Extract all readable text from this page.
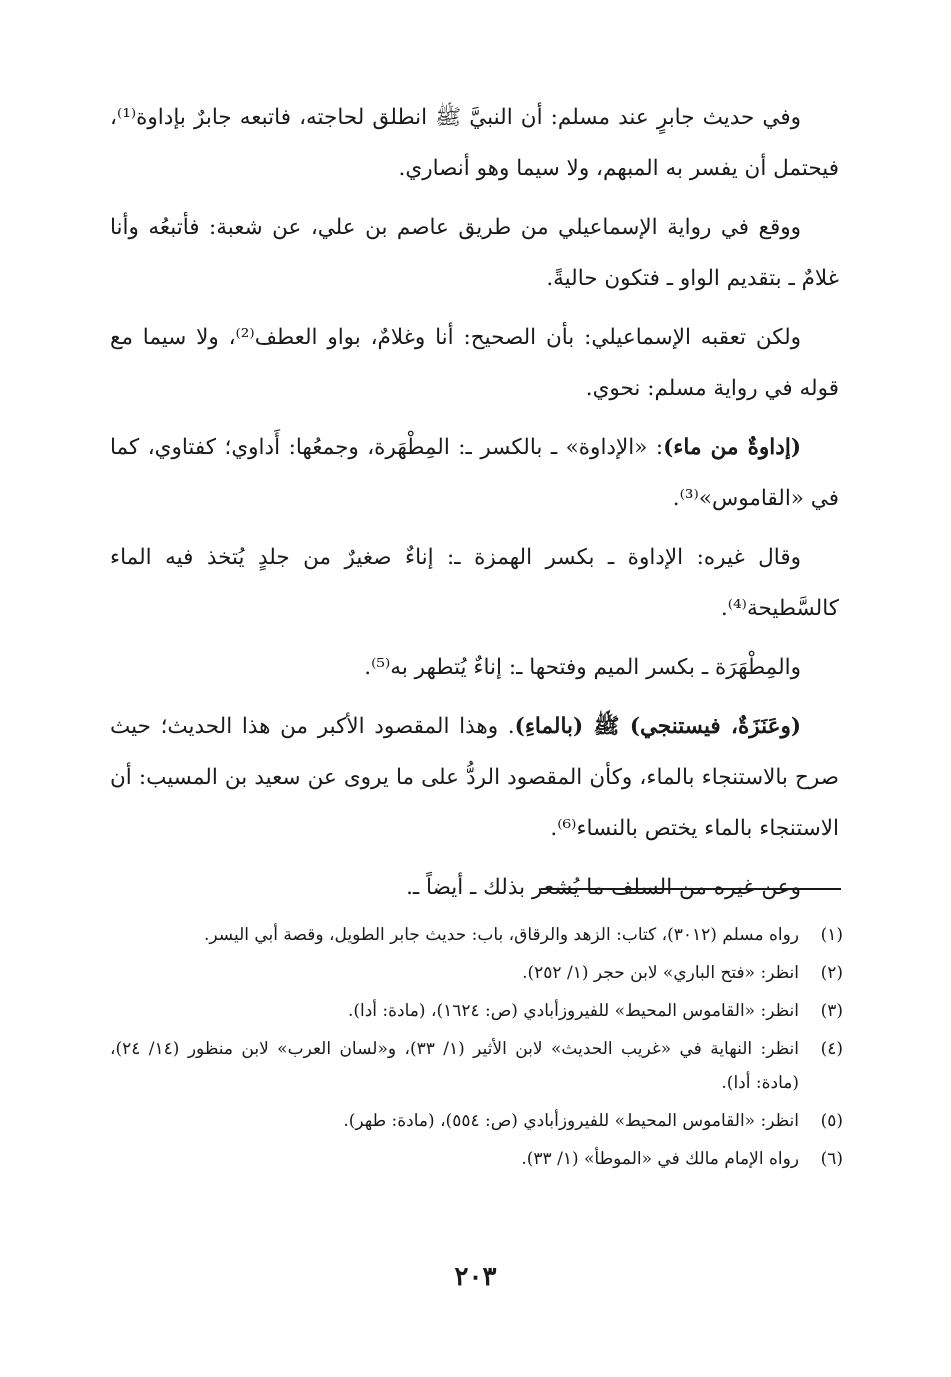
وفي حديث جابرٍ عند مسلم: أن النبيَّ ﷺ انطلق لحاجته، فاتبعه جابرٌ بإداوة⁽¹⁾، فيحتمل أن يفسر به المبهم، ولا سيما وهو أنصاري.

ووقع في رواية الإسماعيلي من طريق عاصم بن علي، عن شعبة: فأتبعُه وأنا غلامٌ ـ بتقديم الواو ـ فتكون حاليةً.

ولكن تعقبه الإسماعيلي: بأن الصحيح: أنا وغلامٌ، بواو العطف⁽²⁾، ولا سيما مع قوله في رواية مسلم: نحوي.

(إداوةٌ من ماء): «الإداوة» ـ بالكسر ـ: المِطْهَرة، وجمعُها: أَداوي؛ كفتاوي، كما في «القاموس»⁽³⁾.

وقال غيره: الإداوة ـ بكسر الهمزة ـ: إناءٌ صغيرٌ من جلدٍ يُتخذ فيه الماء كالسَّطيحة⁽⁴⁾.

والمِطْهَرَة ـ بكسر الميم وفتحها ـ: إناءٌ يُتطهر به⁽⁵⁾.

(وعَنَزَةٌ، فيستنجي) ﷺ (بالماءِ). وهذا المقصود الأكبر من هذا الحديث؛ حيث صرح بالاستنجاء بالماء، وكأن المقصود الردُّ على ما يروى عن سعيد بن المسيب: أن الاستنجاء بالماء يختص بالنساء⁽⁶⁾.

وعن غيره من السلف ما يُشعر بذلك ـ أيضاً ـ.

(١)
رواه مسلم (٣٠١٢)، كتاب: الزهد والرقاق، باب: حديث جابر الطويل، وقصة أبي اليسر.
(٢)
انظر: «فتح الباري» لابن حجر (١/ ٢٥٢).
(٣)
انظر: «القاموس المحيط» للفيروزأبادي (ص: ١٦٢٤)، (مادة: أدا).
(٤)
انظر: النهاية في «غريب الحديث» لابن الأثير (١/ ٣٣)، و«لسان العرب» لابن منظور (١٤/ ٢٤)، (مادة: أدا).
(٥)
انظر: «القاموس المحيط» للفيروزأبادي (ص: ٥٥٤)، (مادة: طهر).
(٦)
رواه الإمام مالك في «الموطأ» (١/ ٣٣).
٢٠٣
